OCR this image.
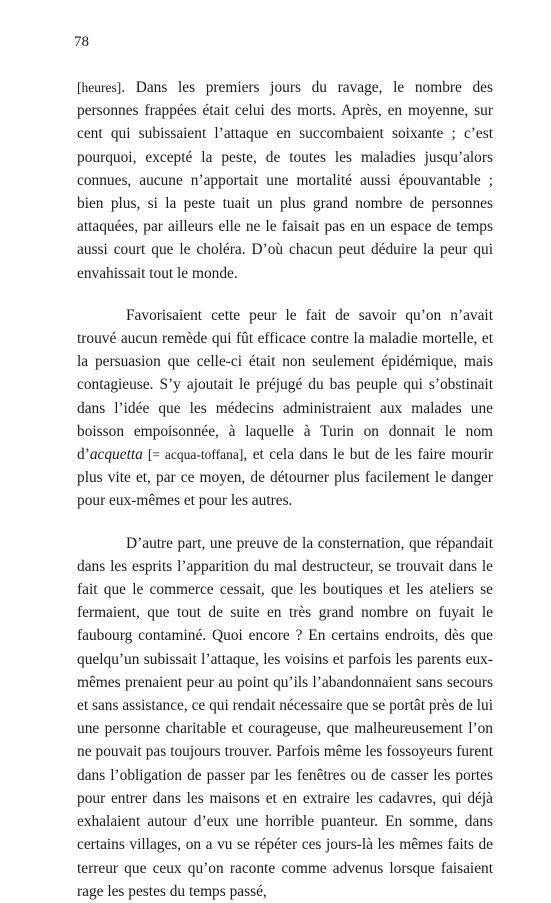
78

[heures]. Dans les premiers jours du ravage, le nombre des personnes frappées était celui des morts. Après, en moyenne, sur cent qui subissaient l’attaque en succombaient soixante ; c’est pourquoi, excepté la peste, de toutes les maladies jusqu’alors connues, aucune n’apportait une mortalité aussi épouvantable ; bien plus, si la peste tuait un plus grand nombre de personnes attaquées, par ailleurs elle ne le faisait pas en un espace de temps aussi court que le choléra. D’où chacun peut déduire la peur qui envahissait tout le monde.

Favorisaient cette peur le fait de savoir qu’on n’avait trouvé aucun remède qui fût efficace contre la maladie mortelle, et la persuasion que celle-ci était non seulement épidémique, mais contagieuse. S’y ajoutait le préjugé du bas peuple qui s’obstinait dans l’idée que les médecins administraient aux malades une boisson empoisonnée, à laquelle à Turin on donnait le nom d’acquetta [= acqua-toffana], et cela dans le but de les faire mourir plus vite et, par ce moyen, de détourner plus facilement le danger pour eux-mêmes et pour les autres.

D’autre part, une preuve de la consternation, que répandait dans les esprits l’apparition du mal destructeur, se trouvait dans le fait que le commerce cessait, que les boutiques et les ateliers se fermaient, que tout de suite en très grand nombre on fuyait le faubourg contaminé. Quoi encore ? En certains endroits, dès que quelqu’un subissait l’attaque, les voisins et parfois les parents eux-mêmes prenaient peur au point qu’ils l’abandonnaient sans secours et sans assistance, ce qui rendait nécessaire que se portât près de lui une personne charitable et courageuse, que malheureusement l’on ne pouvait pas toujours trouver. Parfois même les fossoyeurs furent dans l’obligation de passer par les fenêtres ou de casser les portes pour entrer dans les maisons et en extraire les cadavres, qui déjà exhalaient autour d’eux une horrible puanteur. En somme, dans certains villages, on a vu se répéter ces jours-là les mêmes faits de terreur que ceux qu’on raconte comme advenus lorsque faisaient rage les pestes du temps passé,
